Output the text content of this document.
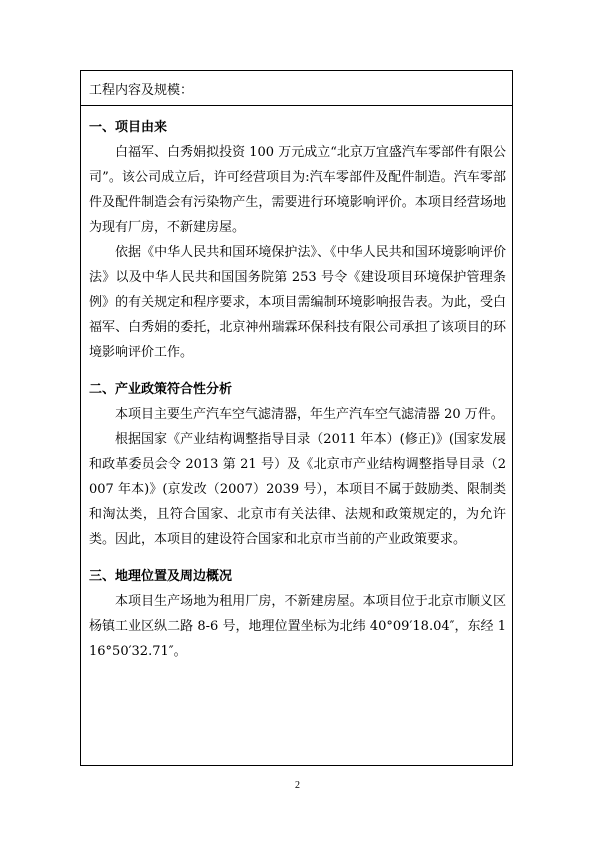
工程内容及规模：
一、项目由来

白福军、白秀娟拟投资 100 万元成立“北京万宜盛汽车零部件有限公司”。该公司成立后，许可经营项目为:汽车零部件及配件制造。汽车零部件及配件制造会有污染物产生，需要进行环境影响评价。本项目经营场地为现有厂房，不新建房屋。

依据《中华人民共和国环境保护法》、《中华人民共和国环境影响评价法》以及中华人民共和国国务院第 253 号令《建设项目环境保护管理条例》的有关规定和程序要求，本项目需编制环境影响报告表。为此，受白福军、白秀娟的委托，北京神州瑞霖环保科技有限公司承担了该项目的环境影响评价工作。

二、产业政策符合性分析

本项目主要生产汽车空气滤清器，年生产汽车空气滤清器 20 万件。

根据国家《产业结构调整指导目录（2011 年本）(修正)》(国家发展和政革委员会令 2013 第 21 号）及《北京市产业结构调整指导目录（2007 年本)》(京发改（2007）2039 号），本项目不属于鼓励类、限制类和淘汰类，且符合国家、北京市有关法律、法规和政策规定的，为允许类。因此，本项目的建设符合国家和北京市当前的产业政策要求。

三、地理位置及周边概况

本项目生产场地为租用厂房，不新建房屋。本项目位于北京市顺义区杨镇工业区纵二路 8-6 号，地理位置坐标为北纬 40°09′18.04″，东经 116°50′32.71″。

2
